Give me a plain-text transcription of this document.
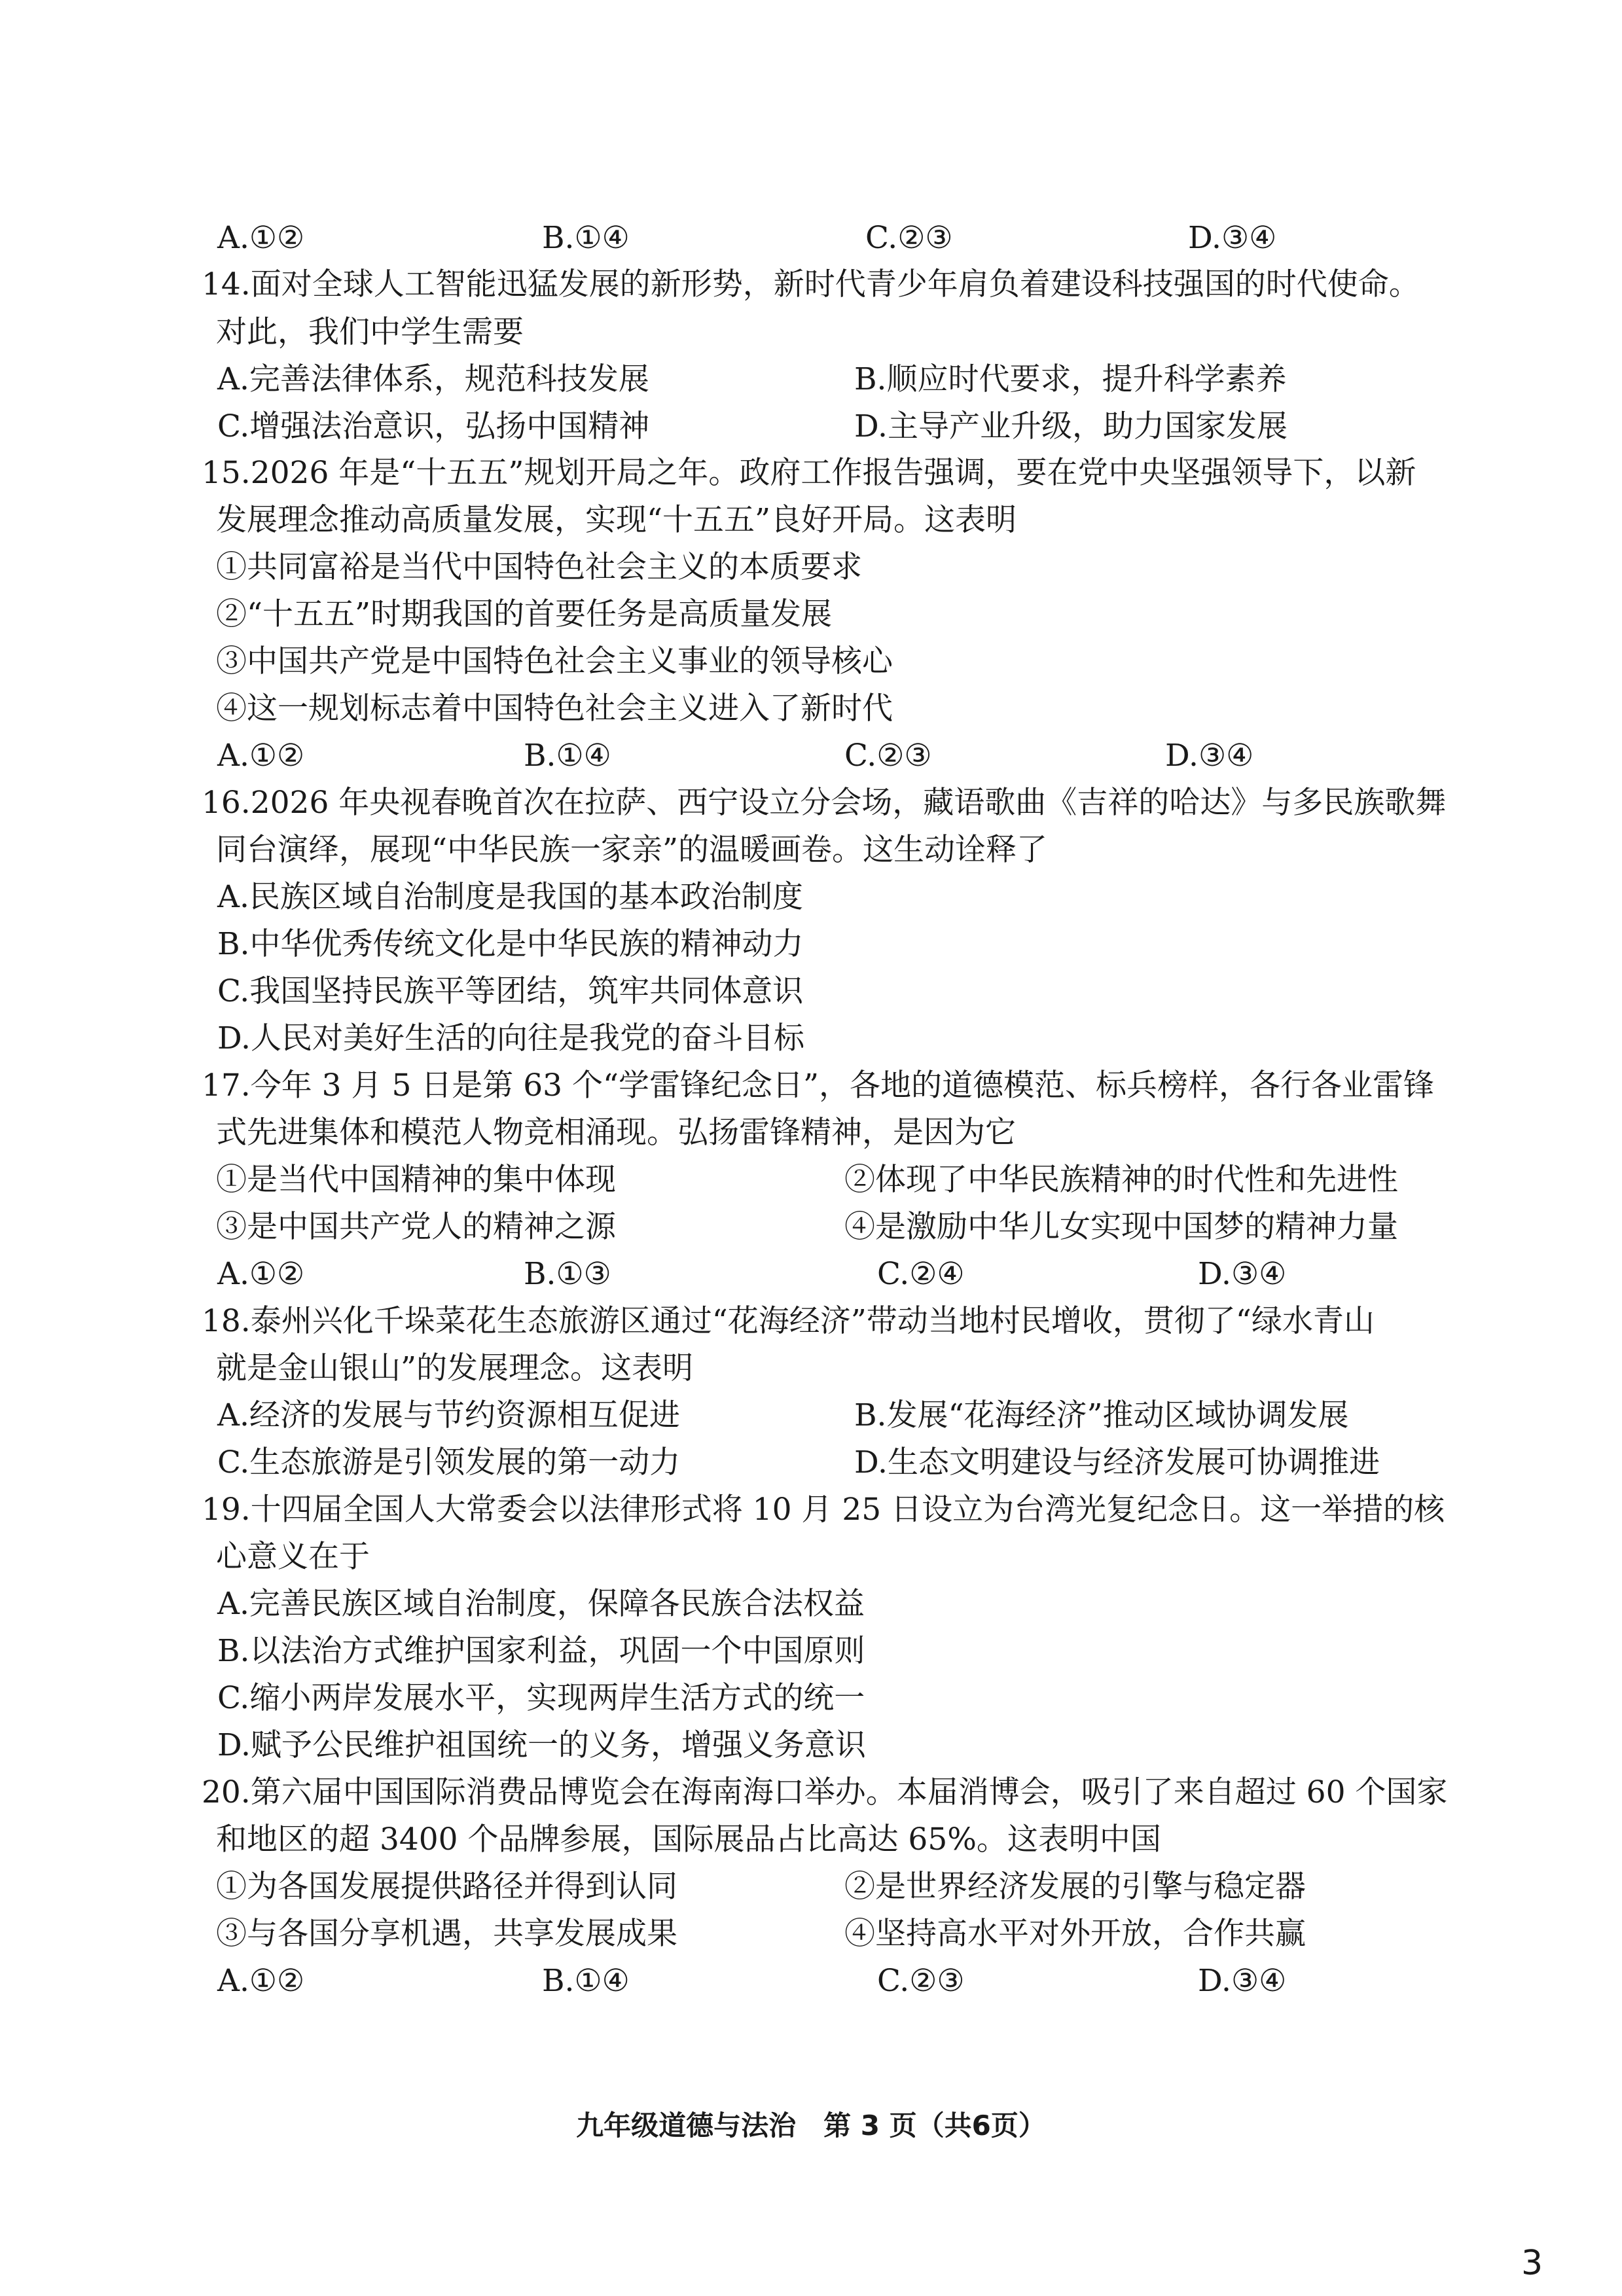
A.①②	B.①④	C.②③	D.③④
14.面对全球人工智能迅猛发展的新形势，新时代青少年肩负着建设科技强国的时代使命。
对此，我们中学生需要
A.完善法律体系，规范科技发展	B.顺应时代要求，提升科学素养
C.增强法治意识，弘扬中国精神	D.主导产业升级，助力国家发展
15.2026 年是“十五五”规划开局之年。政府工作报告强调，要在党中央坚强领导下，以新
发展理念推动高质量发展，实现“十五五”良好开局。这表明
①共同富裕是当代中国特色社会主义的本质要求
②“十五五”时期我国的首要任务是高质量发展
③中国共产党是中国特色社会主义事业的领导核心
④这一规划标志着中国特色社会主义进入了新时代
A.①②	B.①④	C.②③	D.③④
16.2026 年央视春晚首次在拉萨、西宁设立分会场，藏语歌曲《吉祥的哈达》与多民族歌舞
同台演绎，展现“中华民族一家亲”的温暖画卷。这生动诠释了
A.民族区域自治制度是我国的基本政治制度
B.中华优秀传统文化是中华民族的精神动力
C.我国坚持民族平等团结，筑牢共同体意识
D.人民对美好生活的向往是我党的奋斗目标
17.今年 3 月 5 日是第 63 个“学雷锋纪念日”，各地的道德模范、标兵榜样，各行各业雷锋
式先进集体和模范人物竞相涌现。弘扬雷锋精神，是因为它
①是当代中国精神的集中体现	②体现了中华民族精神的时代性和先进性
③是中国共产党人的精神之源	④是激励中华儿女实现中国梦的精神力量
A.①②	B.①③	C.②④	D.③④
18.泰州兴化千垛菜花生态旅游区通过“花海经济”带动当地村民增收，贯彻了“绿水青山
就是金山银山”的发展理念。这表明
A.经济的发展与节约资源相互促进	B.发展“花海经济”推动区域协调发展
C.生态旅游是引领发展的第一动力	D.生态文明建设与经济发展可协调推进
19.十四届全国人大常委会以法律形式将 10 月 25 日设立为台湾光复纪念日。这一举措的核
心意义在于
A.完善民族区域自治制度，保障各民族合法权益
B.以法治方式维护国家利益，巩固一个中国原则
C.缩小两岸发展水平，实现两岸生活方式的统一
D.赋予公民维护祖国统一的义务，增强义务意识
20.第六届中国国际消费品博览会在海南海口举办。本届消博会，吸引了来自超过 60 个国家
和地区的超 3400 个品牌参展，国际展品占比高达 65%。这表明中国
①为各国发展提供路径并得到认同	②是世界经济发展的引擎与稳定器
③与各国分享机遇，共享发展成果	④坚持高水平对外开放，合作共赢
A.①②	B.①④	C.②③	D.③④
九年级道德与法治　第 3 页（共6页）
3
